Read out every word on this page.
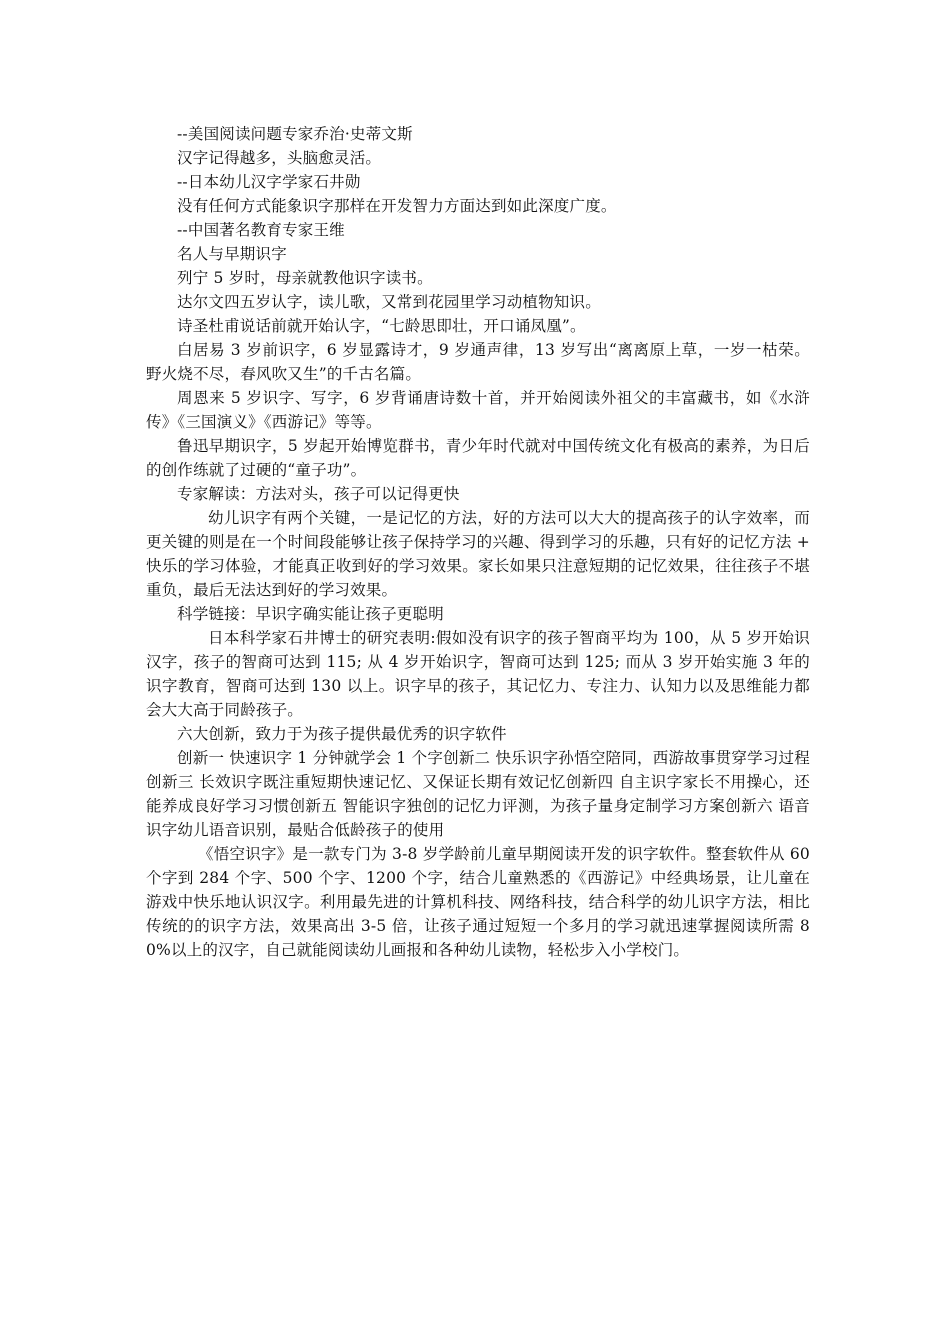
--美国阅读问题专家乔治·史蒂文斯

汉字记得越多，头脑愈灵活。

--日本幼儿汉字学家石井勋

没有任何方式能象识字那样在开发智力方面达到如此深度广度。

--中国著名教育专家王维

名人与早期识字

列宁 5 岁时，母亲就教他识字读书。

达尔文四五岁认字，读儿歌，又常到花园里学习动植物知识。

诗圣杜甫说话前就开始认字，“七龄思即壮，开口诵凤凰”。

白居易 3 岁前识字，6 岁显露诗才，9 岁通声律，13 岁写出“离离原上草，一岁一枯荣。野火烧不尽，春风吹又生”的千古名篇。

周恩来 5 岁识字、写字，6 岁背诵唐诗数十首，并开始阅读外祖父的丰富藏书，如《水浒传》《三国演义》《西游记》等等。

鲁迅早期识字，5 岁起开始博览群书，青少年时代就对中国传统文化有极高的素养，为日后的创作练就了过硬的“童子功”。

专家解读：方法对头，孩子可以记得更快

幼儿识字有两个关键，一是记忆的方法，好的方法可以大大的提高孩子的认字效率，而更关键的则是在一个时间段能够让孩子保持学习的兴趣、得到学习的乐趣，只有好的记忆方法 + 快乐的学习体验，才能真正收到好的学习效果。家长如果只注意短期的记忆效果，往往孩子不堪重负，最后无法达到好的学习效果。

科学链接：早识字确实能让孩子更聪明

日本科学家石井博士的研究表明:假如没有识字的孩子智商平均为 100，从 5 岁开始识汉字，孩子的智商可达到 115; 从 4 岁开始识字，智商可达到 125; 而从 3 岁开始实施 3 年的识字教育，智商可达到 130 以上。识字早的孩子，其记忆力、专注力、认知力以及思维能力都会大大高于同龄孩子。

六大创新，致力于为孩子提供最优秀的识字软件

创新一 快速识字 1 分钟就学会 1 个字创新二 快乐识字孙悟空陪同，西游故事贯穿学习过程创新三 长效识字既注重短期快速记忆、又保证长期有效记忆创新四 自主识字家长不用操心，还能养成良好学习习惯创新五 智能识字独创的记忆力评测，为孩子量身定制学习方案创新六 语音识字幼儿语音识别，最贴合低龄孩子的使用

《悟空识字》是一款专门为 3-8 岁学龄前儿童早期阅读开发的识字软件。整套软件从 60 个字到 284 个字、500 个字、1200 个字，结合儿童熟悉的《西游记》中经典场景，让儿童在游戏中快乐地认识汉字。利用最先进的计算机科技、网络科技，结合科学的幼儿识字方法，相比传统的的识字方法，效果高出 3-5 倍，让孩子通过短短一个多月的学习就迅速掌握阅读所需 80%以上的汉字，自己就能阅读幼儿画报和各种幼儿读物，轻松步入小学校门。
